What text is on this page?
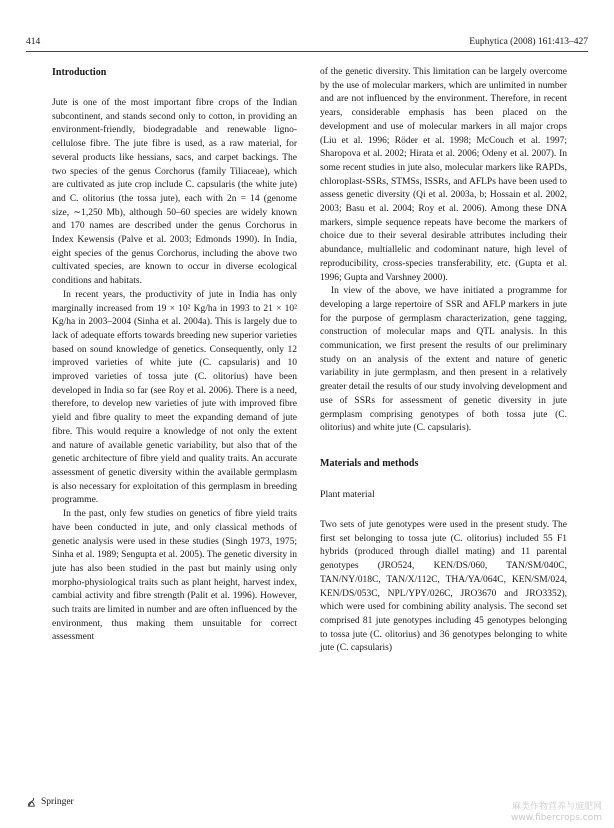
414	Euphytica (2008) 161:413–427
Introduction

Jute is one of the most important fibre crops of the Indian subcontinent, and stands second only to cotton, in providing an environment-friendly, biodegradable and renewable ligno-cellulose fibre. The jute fibre is used, as a raw material, for several products like hessians, sacs, and carpet backings. The two species of the genus Corchorus (family Tiliaceae), which are cultivated as jute crop include C. capsularis (the white jute) and C. olitorius (the tossa jute), each with 2n = 14 (genome size, ∼1,250 Mb), although 50–60 species are widely known and 170 names are described under the genus Corchorus in Index Kewensis (Palve et al. 2003; Edmonds 1990). In India, eight species of the genus Corchorus, including the above two cultivated species, are known to occur in diverse ecological conditions and habitats.

In recent years, the productivity of jute in India has only marginally increased from 19 × 10² Kg/ha in 1993 to 21 × 10² Kg/ha in 2003–2004 (Sinha et al. 2004a). This is largely due to lack of adequate efforts towards breeding new superior varieties based on sound knowledge of genetics. Consequently, only 12 improved varieties of white jute (C. capsularis) and 10 improved varieties of tossa jute (C. olitorius) have been developed in India so far (see Roy et al. 2006). There is a need, therefore, to develop new varieties of jute with improved fibre yield and fibre quality to meet the expanding demand of jute fibre. This would require a knowledge of not only the extent and nature of available genetic variability, but also that of the genetic architecture of fibre yield and quality traits. An accurate assessment of genetic diversity within the available germplasm is also necessary for exploitation of this germplasm in breeding programme.

In the past, only few studies on genetics of fibre yield traits have been conducted in jute, and only classical methods of genetic analysis were used in these studies (Singh 1973, 1975; Sinha et al. 1989; Sengupta et al. 2005). The genetic diversity in jute has also been studied in the past but mainly using only morpho-physiological traits such as plant height, harvest index, cambial activity and fibre strength (Palit et al. 1996). However, such traits are limited in number and are often influenced by the environment, thus making them unsuitable for correct assessment

of the genetic diversity. This limitation can be largely overcome by the use of molecular markers, which are unlimited in number and are not influenced by the environment. Therefore, in recent years, considerable emphasis has been placed on the development and use of molecular markers in all major crops (Liu et al. 1996; Röder et al. 1998; McCouch et al. 1997; Sharopova et al. 2002; Hirata et al. 2006; Odeny et al. 2007). In some recent studies in jute also, molecular markers like RAPDs, chloroplast-SSRs, STMSs, ISSRs, and AFLPs have been used to assess genetic diversity (Qi et al. 2003a, b; Hossain et al. 2002, 2003; Basu et al. 2004; Roy et al. 2006). Among these DNA markers, simple sequence repeats have become the markers of choice due to their several desirable attributes including their abundance, multiallelic and codominant nature, high level of reproducibility, cross-species transferability, etc. (Gupta et al. 1996; Gupta and Varshney 2000).

In view of the above, we have initiated a programme for developing a large repertoire of SSR and AFLP markers in jute for the purpose of germplasm characterization, gene tagging, construction of molecular maps and QTL analysis. In this communication, we first present the results of our preliminary study on an analysis of the extent and nature of genetic variability in jute germplasm, and then present in a relatively greater detail the results of our study involving development and use of SSRs for assessment of genetic diversity in jute germplasm comprising genotypes of both tossa jute (C. olitorius) and white jute (C. capsularis).

Materials and methods
Plant material

Two sets of jute genotypes were used in the present study. The first set belonging to tossa jute (C. olitorius) included 55 F1 hybrids (produced through diallel mating) and 11 parental genotypes (JRO524, KEN/DS/060, TAN/SM/040C, TAN/NY/018C, TAN/X/112C, THA/YA/064C, KEN/SM/024, KEN/DS/053C, NPL/YPY/026C, JRO3670 and JRO3352), which were used for combining ability analysis. The second set comprised 81 jute genotypes including 45 genotypes belonging to tossa jute (C. olitorius) and 36 genotypes belonging to white jute (C. capsularis)

Springer	麻类作物营养与施肥网
www.fibercrops.com
